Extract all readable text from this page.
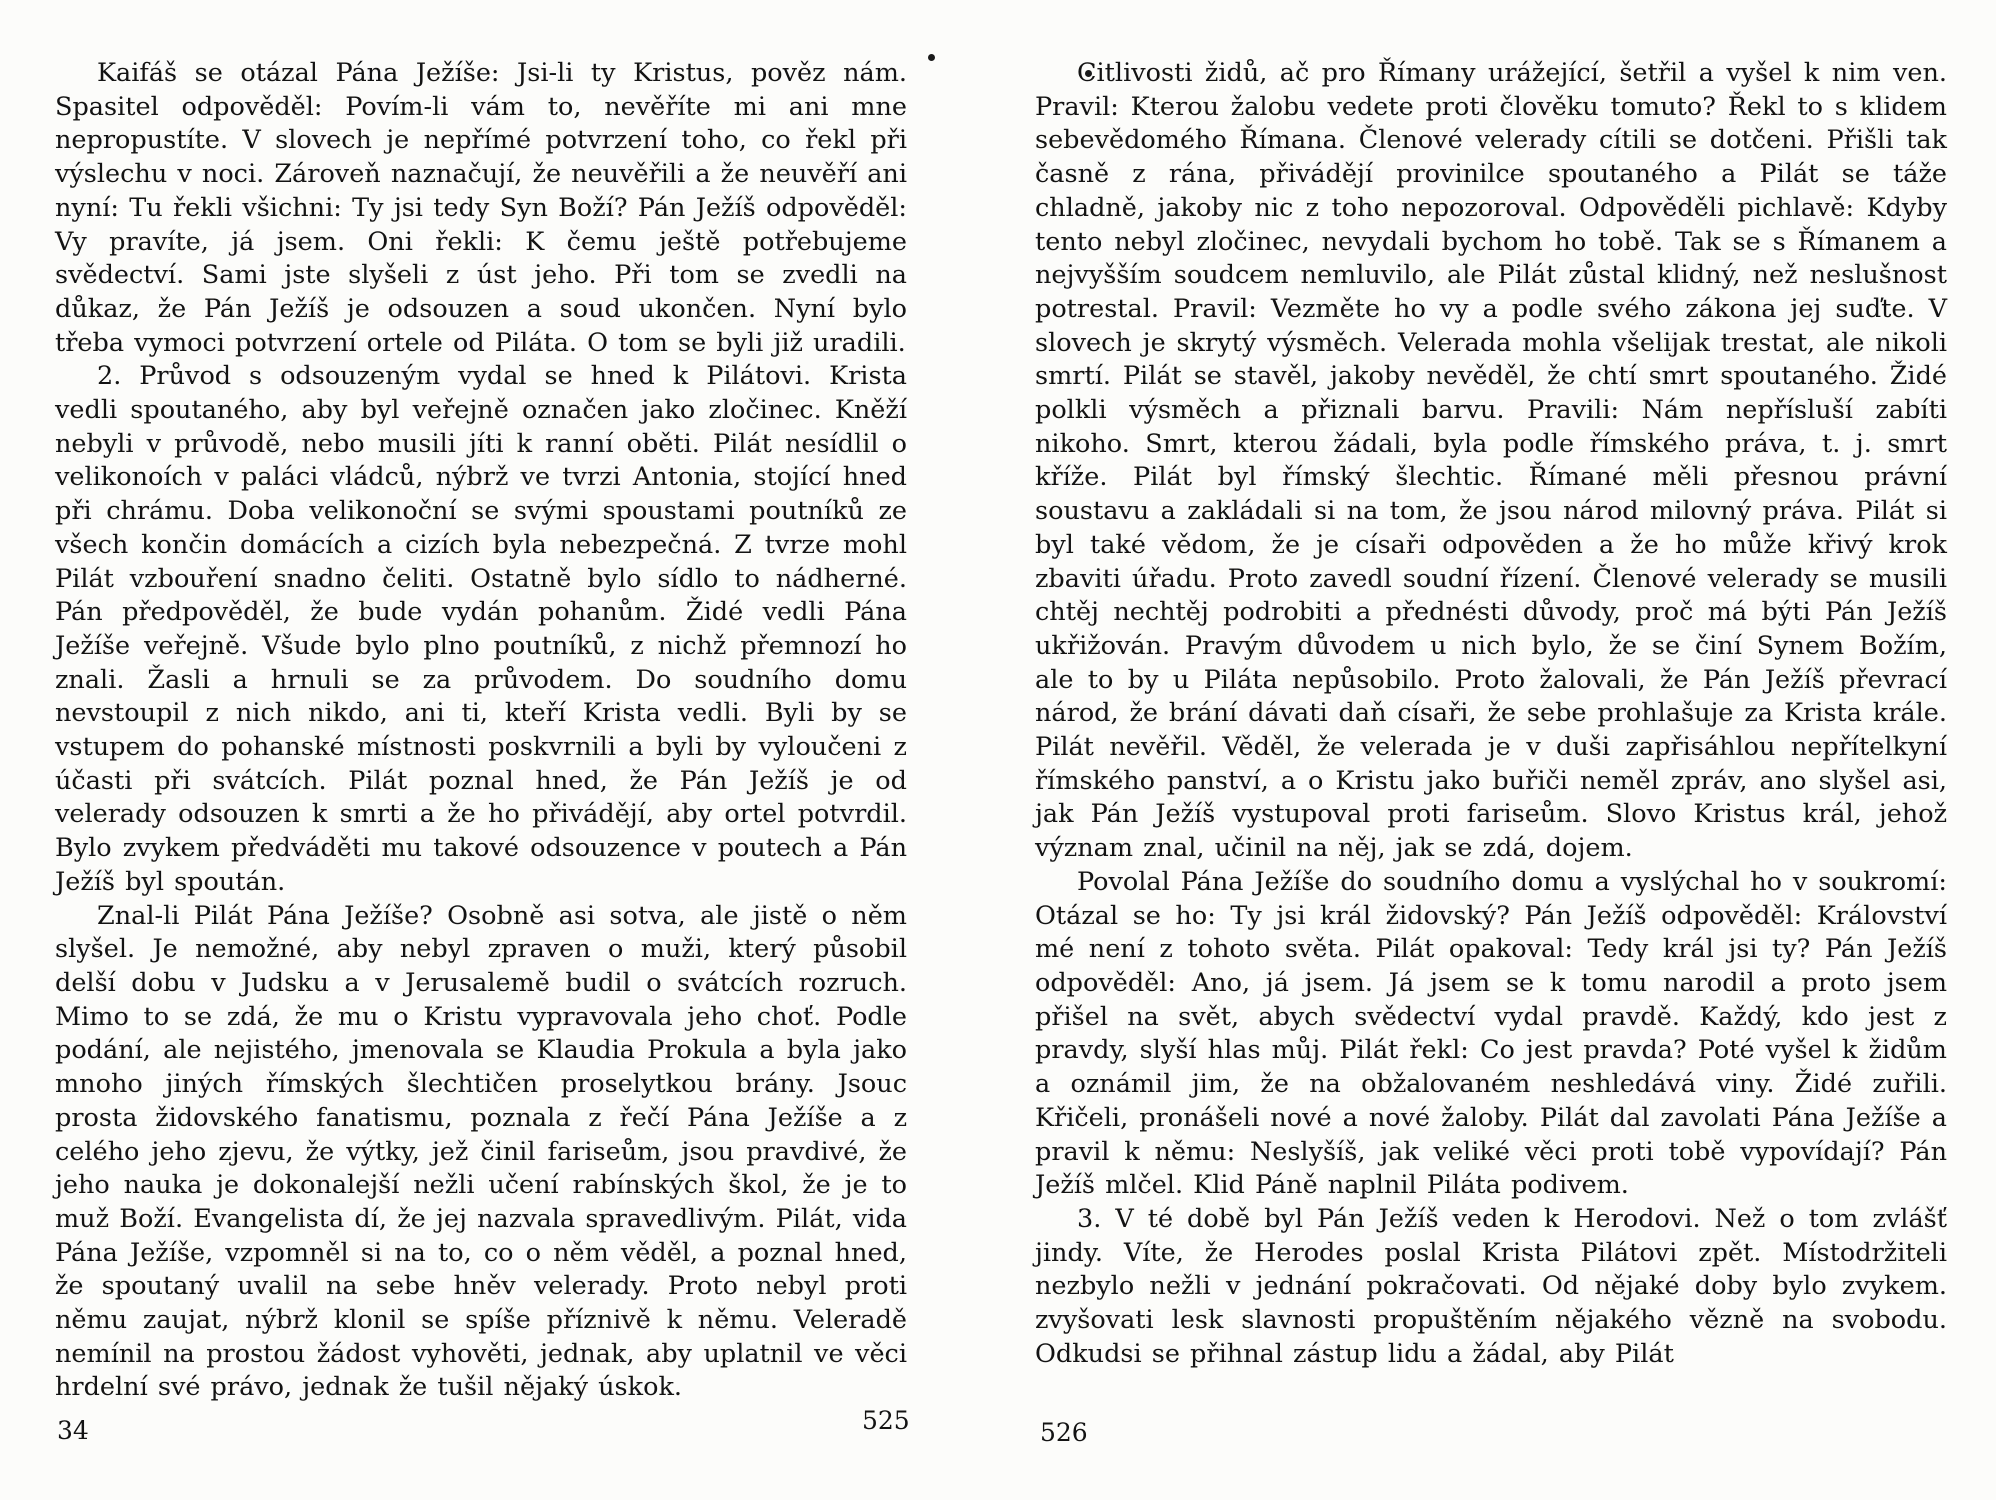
Kaifáš se otázal Pána Ježíše: Jsi-li ty Kristus, pověz nám. Spasitel odpověděl: Povím-li vám to, nevěříte mi ani mne nepropustíte. V slovech je nepřímé potvrzení toho, co řekl při výslechu v noci. Zároveň naznačují, že neuvěřili a že neuvěří ani nyní: Tu řekli všichni: Ty jsi tedy Syn Boží? Pán Ježíš odpověděl: Vy pravíte, já jsem. Oni řekli: K čemu ještě potřebujeme svědectví. Sami jste slyšeli z úst jeho. Při tom se zvedli na důkaz, že Pán Ježíš je odsouzen a soud ukončen. Nyní bylo třeba vymoci potvrzení ortele od Piláta. O tom se byli již uradili.

2. Průvod s odsouzeným vydal se hned k Pilátovi. Krista vedli spoutaného, aby byl veřejně označen jako zločinec. Kněží nebyli v průvodě, nebo musili jíti k ranní oběti. Pilát nesídlil o velikonoích v paláci vládců, nýbrž ve tvrzi Antonia, stojící hned při chrámu. Doba velikonoční se svými spoustami poutníků ze všech končin domácích a cizích byla nebezpečná. Z tvrze mohl Pilát vzbouření snadno čeliti. Ostatně bylo sídlo to nádherné. Pán předpověděl, že bude vydán pohanům. Židé vedli Pána Ježíše veřejně. Všude bylo plno poutníků, z nichž přemnozí ho znali. Žasli a hrnuli se za průvodem. Do soudního domu nevstoupil z nich nikdo, ani ti, kteří Krista vedli. Byli by se vstupem do pohanské místnosti poskvrnili a byli by vyloučeni z účasti při svátcích. Pilát poznal hned, že Pán Ježíš je od velerady odsouzen k smrti a že ho přivádějí, aby ortel potvrdil. Bylo zvykem předváděti mu takové odsouzence v poutech a Pán Ježíš byl spoután.

Znal-li Pilát Pána Ježíše? Osobně asi sotva, ale jistě o něm slyšel. Je nemožné, aby nebyl zpraven o muži, který působil delší dobu v Judsku a v Jerusalemě budil o svátcích rozruch. Mimo to se zdá, že mu o Kristu vypravovala jeho choť. Podle podání, ale nejistého, jmenovala se Klaudia Prokula a byla jako mnoho jiných římských šlechtičen proselytkou brány. Jsouc prosta židovského fanatismu, poznala z řečí Pána Ježíše a z celého jeho zjevu, že výtky, jež činil fariseům, jsou pravdivé, že jeho nauka je dokonalejší nežli učení rabínských škol, že je to muž Boží. Evangelista dí, že jej nazvala spravedlivým. Pilát, vida Pána Ježíše, vzpomněl si na to, co o něm věděl, a poznal hned, že spoutaný uvalil na sebe hněv velerady. Proto nebyl proti němu zaujat, nýbrž klonil se spíše příznivě k němu. Veleradě nemínil na prostou žádost vyhověti, jednak, aby uplatnil ve věci hrdelní své právo, jednak že tušil nějaký úskok.

Citlivosti židů, ač pro Římany urážející, šetřil a vyšel k nim ven. Pravil: Kterou žalobu vedete proti člověku tomuto? Řekl to s klidem sebevědomého Římana. Členové velerady cítili se dotčeni. Přišli tak časně z rána, přivádějí provinilce spoutaného a Pilát se táže chladně, jakoby nic z toho nepozoroval. Odpověděli pichlavě: Kdyby tento nebyl zločinec, nevydali bychom ho tobě. Tak se s Římanem a nejvyšším soudcem nemluvilo, ale Pilát zůstal klidný, než neslušnost potrestal. Pravil: Vezměte ho vy a podle svého zákona jej suďte. V slovech je skrytý výsměch. Velerada mohla všelijak trestat, ale nikoli smrtí. Pilát se stavěl, jakoby nevěděl, že chtí smrt spoutaného. Židé polkli výsměch a přiznali barvu. Pravili: Nám nepřísluší zabíti nikoho. Smrt, kterou žádali, byla podle římského práva, t. j. smrt kříže. Pilát byl římský šlechtic. Římané měli přesnou právní soustavu a zakládali si na tom, že jsou národ milovný práva. Pilát si byl také vědom, že je císaři odpověden a že ho může křivý krok zbaviti úřadu. Proto zavedl soudní řízení. Členové velerady se musili chtěj nechtěj podrobiti a přednésti důvody, proč má býti Pán Ježíš ukřižován. Pravým důvodem u nich bylo, že se činí Synem Božím, ale to by u Piláta nepůsobilo. Proto žalovali, že Pán Ježíš převrací národ, že brání dávati daň císaři, že sebe prohlašuje za Krista krále. Pilát nevěřil. Věděl, že velerada je v duši zapřisáhlou nepřítelkyní římského panství, a o Kristu jako buřiči neměl zpráv, ano slyšel asi, jak Pán Ježíš vystupoval proti fariseům. Slovo Kristus král, jehož význam znal, učinil na něj, jak se zdá, dojem.

Povolal Pána Ježíše do soudního domu a vyslýchal ho v soukromí: Otázal se ho: Ty jsi král židovský? Pán Ježíš odpověděl: Království mé není z tohoto světa. Pilát opakoval: Tedy král jsi ty? Pán Ježíš odpověděl: Ano, já jsem. Já jsem se k tomu narodil a proto jsem přišel na svět, abych svědectví vydal pravdě. Každý, kdo jest z pravdy, slyší hlas můj. Pilát řekl: Co jest pravda? Poté vyšel k židům a oznámil jim, že na obžalovaném neshledává viny. Židé zuřili. Křičeli, pronášeli nové a nové žaloby. Pilát dal zavolati Pána Ježíše a pravil k němu: Neslyšíš, jak veliké věci proti tobě vypovídají? Pán Ježíš mlčel. Klid Páně naplnil Piláta podivem.

3. V té době byl Pán Ježíš veden k Herodovi. Než o tom zvlášť jindy. Víte, že Herodes poslal Krista Pilátovi zpět. Místodržiteli nezbylo nežli v jednání pokračovati. Od nějaké doby bylo zvykem. zvyšovati lesk slavnosti propuštěním nějakého vězně na svobodu. Odkudsi se přihnal zástup lidu a žádal, aby Pilát

34	525	526
